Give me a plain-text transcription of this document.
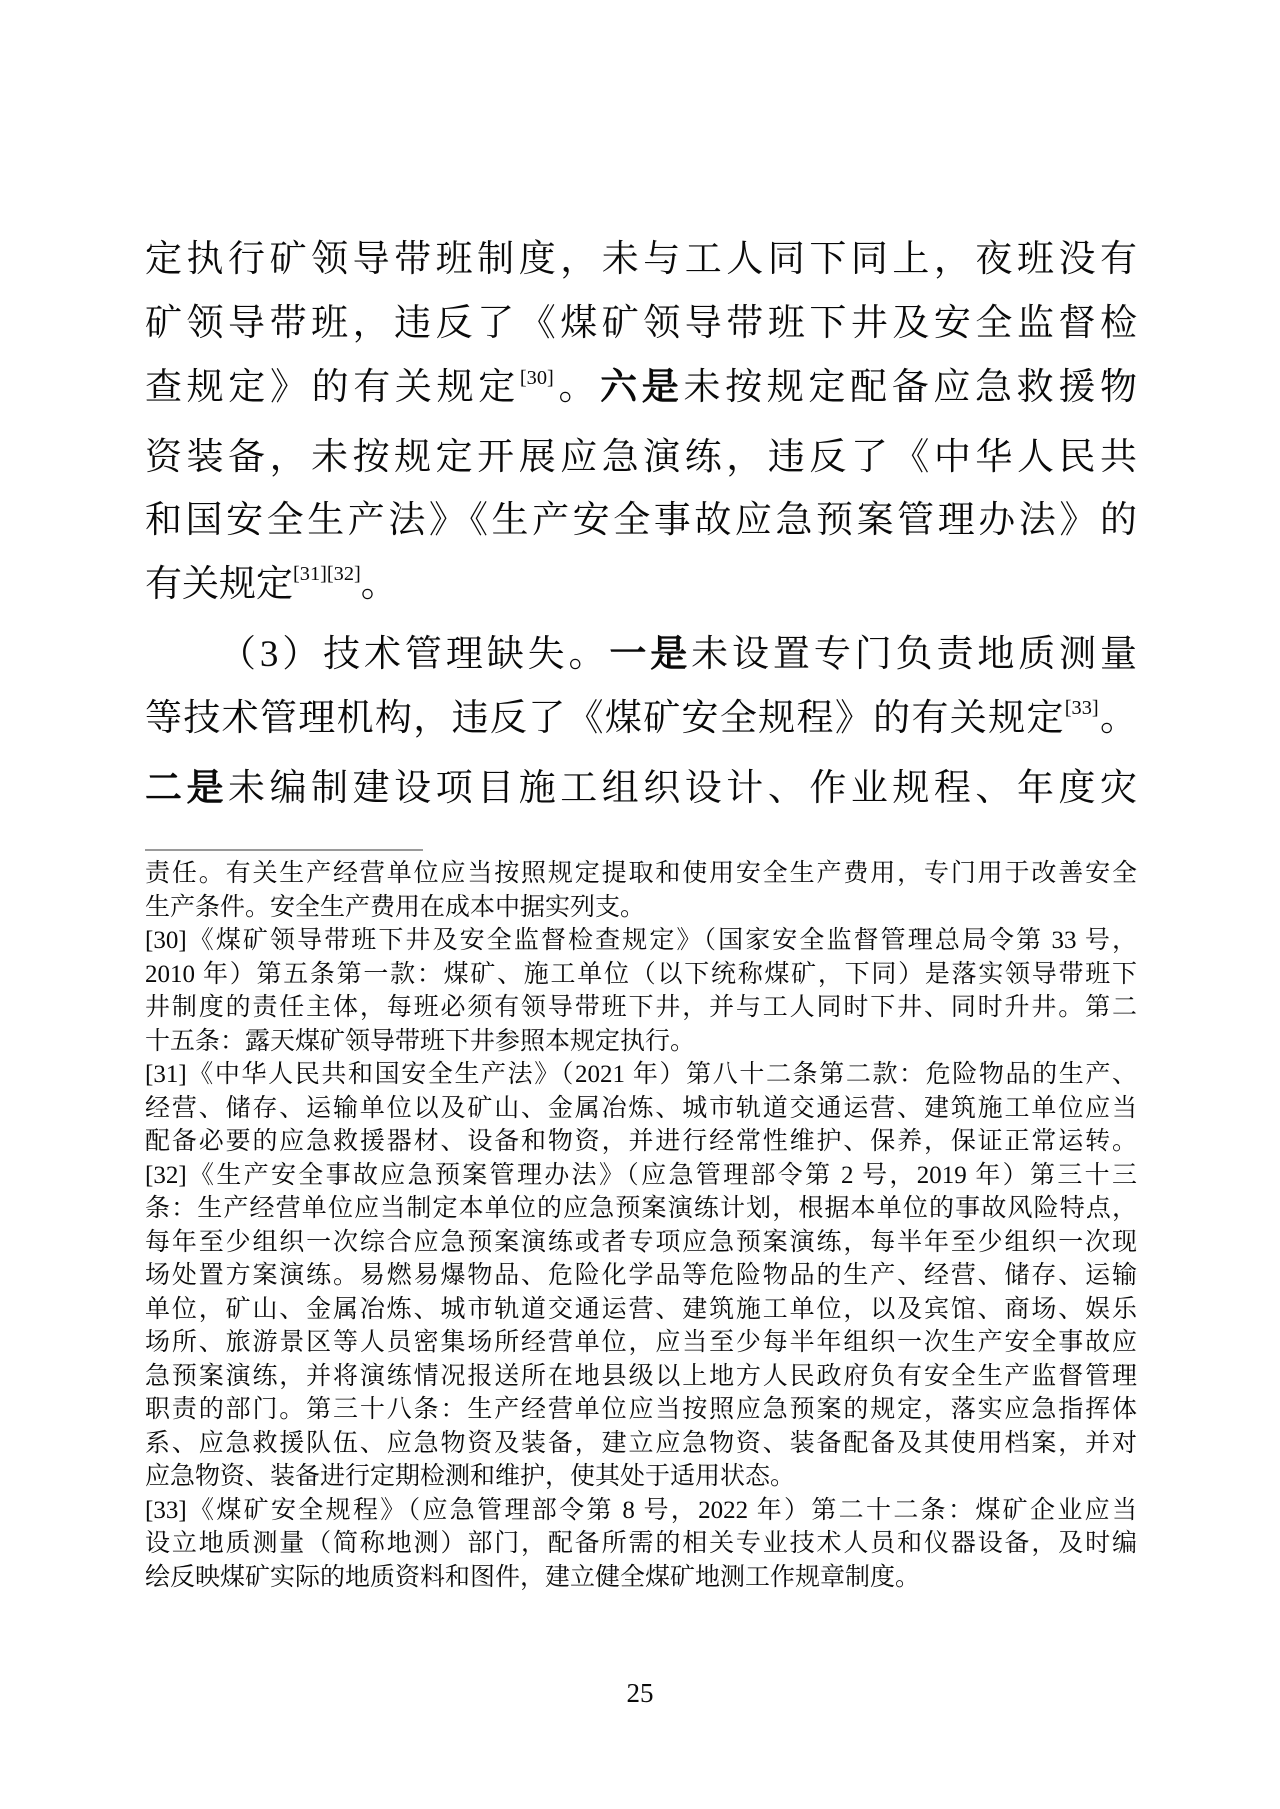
定执行矿领导带班制度，未与工人同下同上，夜班没有
矿领导带班，违反了《煤矿领导带班下井及安全监督检
查规定》的有关规定[30]。六是未按规定配备应急救援物
资装备，未按规定开展应急演练，违反了《中华人民共
和国安全生产法》《生产安全事故应急预案管理办法》的
有关规定[31][32]。
（3）技术管理缺失。一是未设置专门负责地质测量
等技术管理机构，违反了《煤矿安全规程》的有关规定[33]。
二是未编制建设项目施工组织设计、作业规程、年度灾
责任。有关生产经营单位应当按照规定提取和使用安全生产费用，专门用于改善安全
生产条件。安全生产费用在成本中据实列支。
[30]《煤矿领导带班下井及安全监督检查规定》（国家安全监督管理总局令第 33 号，
2010 年）第五条第一款：煤矿、施工单位（以下统称煤矿，下同）是落实领导带班下
井制度的责任主体，每班必须有领导带班下井，并与工人同时下井、同时升井。第二
十五条：露天煤矿领导带班下井参照本规定执行。
[31]《中华人民共和国安全生产法》（2021 年）第八十二条第二款：危险物品的生产、
经营、储存、运输单位以及矿山、金属冶炼、城市轨道交通运营、建筑施工单位应当
配备必要的应急救援器材、设备和物资，并进行经常性维护、保养，保证正常运转。
[32]《生产安全事故应急预案管理办法》（应急管理部令第 2 号，2019 年）第三十三
条：生产经营单位应当制定本单位的应急预案演练计划，根据本单位的事故风险特点，
每年至少组织一次综合应急预案演练或者专项应急预案演练，每半年至少组织一次现
场处置方案演练。易燃易爆物品、危险化学品等危险物品的生产、经营、储存、运输
单位，矿山、金属冶炼、城市轨道交通运营、建筑施工单位，以及宾馆、商场、娱乐
场所、旅游景区等人员密集场所经营单位，应当至少每半年组织一次生产安全事故应
急预案演练，并将演练情况报送所在地县级以上地方人民政府负有安全生产监督管理
职责的部门。第三十八条：生产经营单位应当按照应急预案的规定，落实应急指挥体
系、应急救援队伍、应急物资及装备，建立应急物资、装备配备及其使用档案，并对
应急物资、装备进行定期检测和维护，使其处于适用状态。
[33]《煤矿安全规程》（应急管理部令第 8 号，2022 年）第二十二条：煤矿企业应当
设立地质测量（简称地测）部门，配备所需的相关专业技术人员和仪器设备，及时编
绘反映煤矿实际的地质资料和图件，建立健全煤矿地测工作规章制度。
25
